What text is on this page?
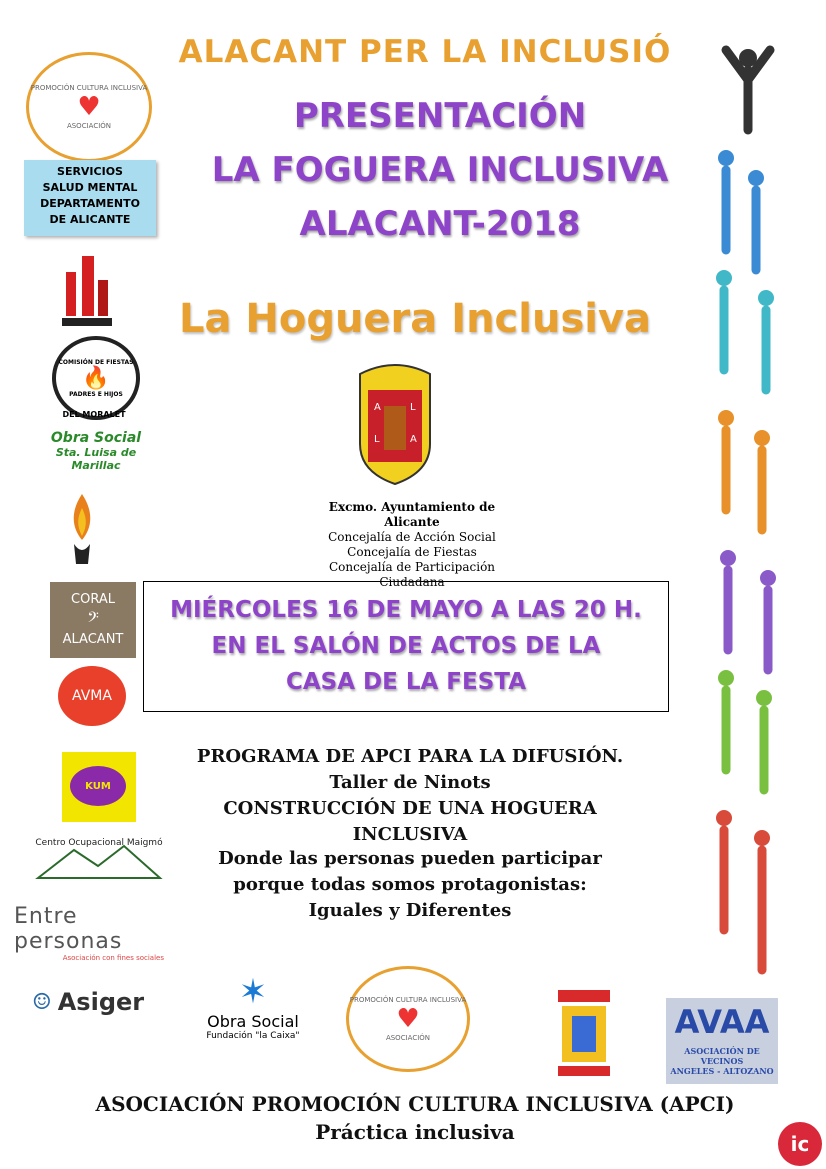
ALACANT PER LA INCLUSIÓ
PRESENTACIÓN
LA FOGUERA INCLUSIVA
ALACANT-2018
La Hoguera Inclusiva
PROMOCIÓN CULTURA INCLUSIVA
♥
ASOCIACIÓN
SERVICIOS
SALUD MENTAL
DEPARTAMENTO
DE ALICANTE
COMISIÓN DE FIESTAS
🔥
PADRES E HIJOS
DEL MORALET
Obra Social
Sta. Luisa de Marillac
CORAL
𝄢
ALACANT
AVMA
KUM
Centro Ocupacional Maigmó
Entre personas
Asociación con fines sociales
A	L
L	A
Excmo. Ayuntamiento de Alicante
Concejalía de Acción Social
Concejalía de Fiestas
Concejalía de Participación Ciudadana
MIÉRCOLES 16 DE MAYO A LAS 20 H.
EN EL SALÓN DE ACTOS DE LA
CASA DE LA FESTA
PROGRAMA DE APCI PARA LA DIFUSIÓN.
Taller de Ninots
CONSTRUCCIÓN DE UNA HOGUERA INCLUSIVA
Donde las personas pueden participar
porque todas somos protagonistas:
Iguales y Diferentes
☺ Asiger	✶
Obra Social
Fundación "la Caixa"
PROMOCIÓN CULTURA INCLUSIVA
♥
ASOCIACIÓN	AVAA
ASOCIACIÓN DE VECINOS
ANGELES - ALTOZANO
ASOCIACIÓN PROMOCIÓN CULTURA INCLUSIVA (APCI)
Práctica inclusiva	ic
